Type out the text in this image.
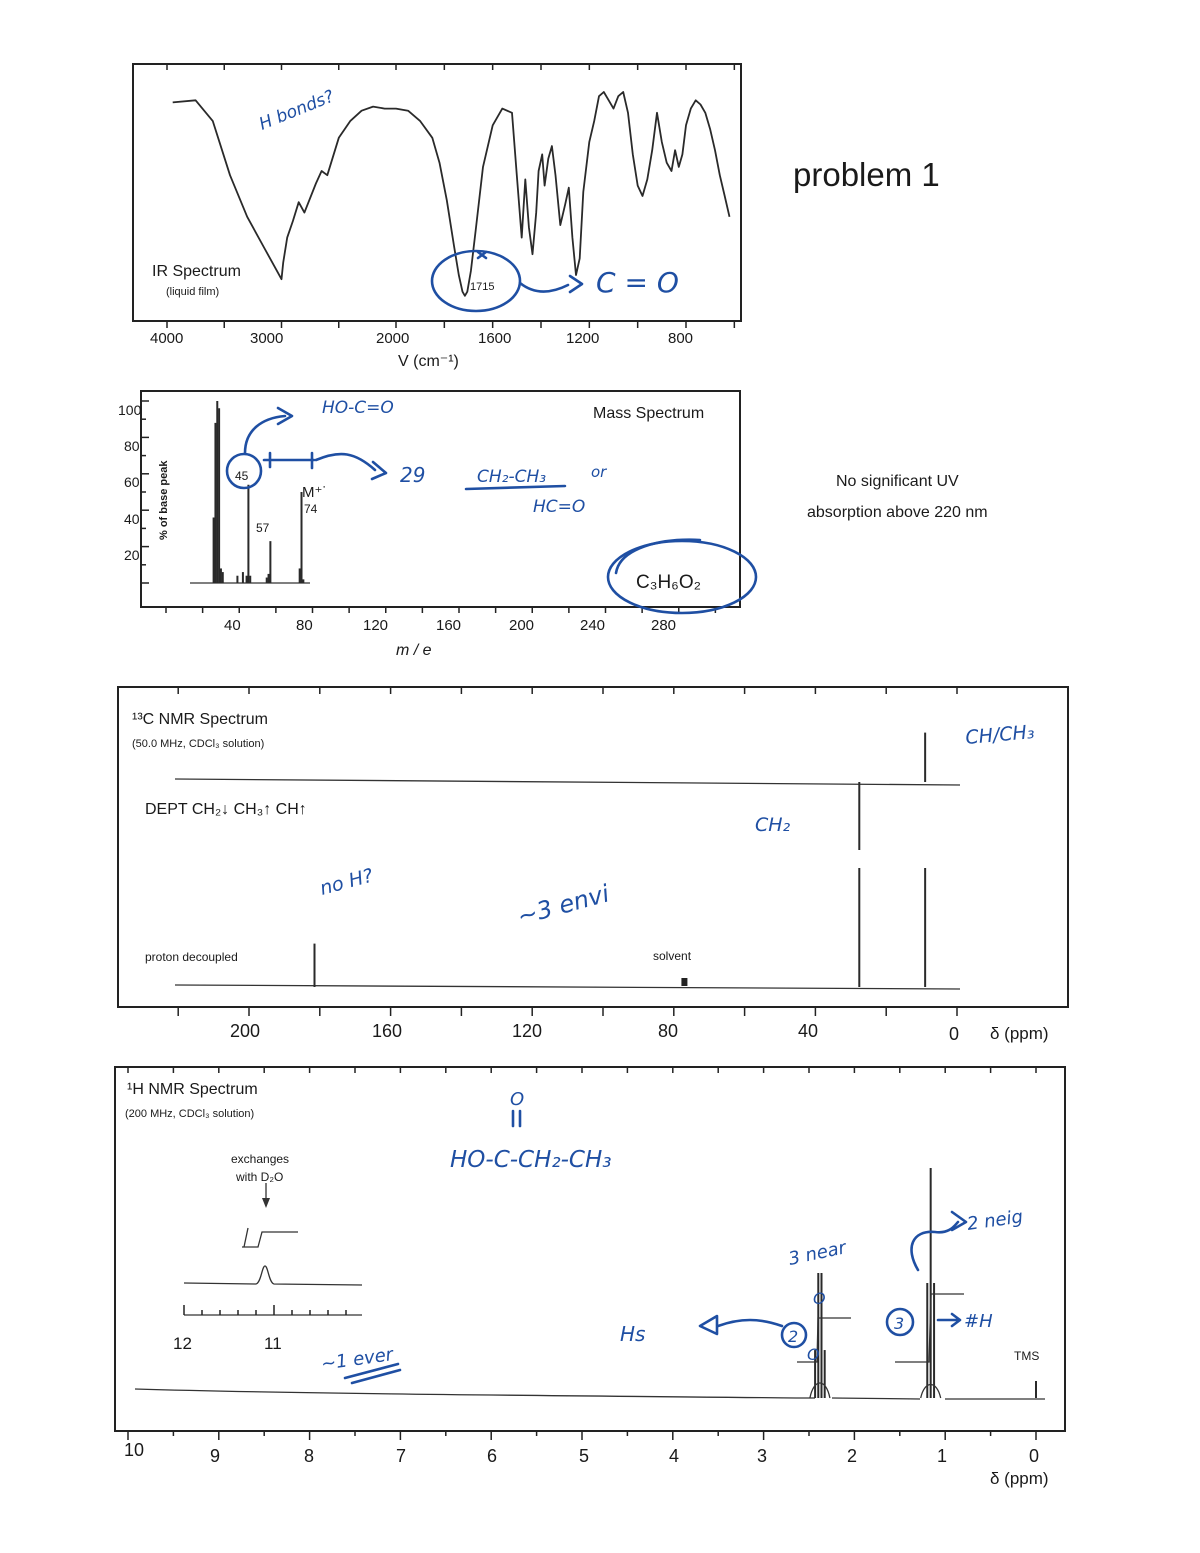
IR Spectrum
(liquid film)	1715
4000	3000	2000	1600	1200	800
V (cm⁻¹)
problem 1
Mass Spectrum
% of base peak
100
80
60
40
20
45
57
M⁺˙
74
40	80	120	160	200	240	280
m / e
C₃H₆O₂
No significant UV
absorption above 220 nm
¹³C NMR Spectrum
(50.0 MHz, CDCl₃ solution)
DEPT CH₂↓ CH₃↑ CH↑
proton decoupled	solvent
200	160	120	80	40	0 δ (ppm)
exchanges
with D₂O
12	11
¹H NMR Spectrum
(200 MHz, CDCl₃ solution)
TMS
10	9	8	7	6	5	4	3	2	1	0
δ (ppm)
H bonds?
C = O
HO-C=O
29	CH₂-CH₃	or
HC=O
CH/CH₃
CH₂
no H?	~3 envi
O
HO-C-CH₂-CH₃
3 near
2 neig
Hs	2
O
O
3	#H
~1 ever
